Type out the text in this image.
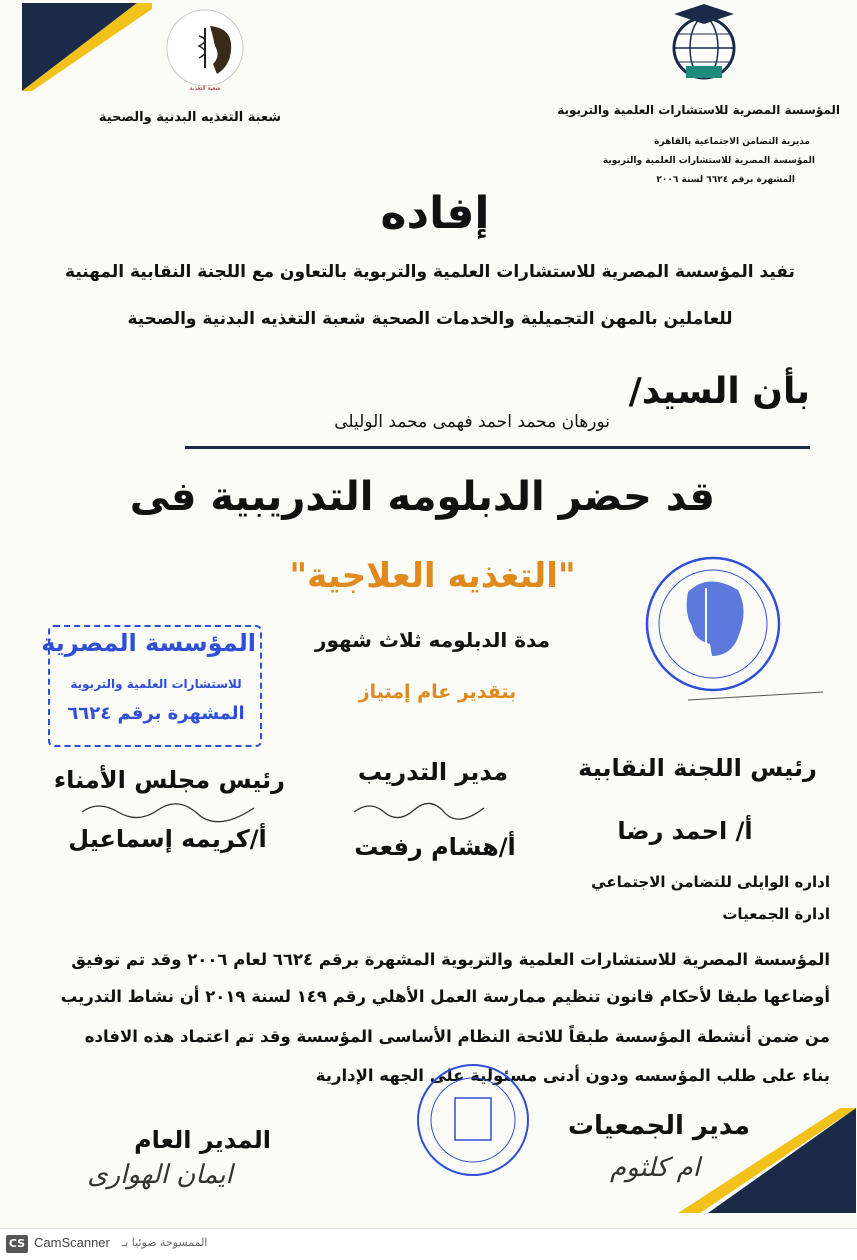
شعبة التغذية
شعبة التغذيه البدنية والصحية	المؤسسة المصرية للاستشارات العلمية والتربوية
مديرية التضامن الاجتماعية بالقاهرة
المؤسسة المصرية للاستشارات العلمية والتربوية
المشهرة برقم ٦٦٢٤ لسنة ٢٠٠٦
إفاده
تفيد المؤسسة المصرية للاستشارات العلمية والتربوية بالتعاون مع اللجنة النقابية المهنية
للعاملين بالمهن التجميلية والخدمات الصحية شعبة التغذيه البدنية والصحية
بأن السيد/
نورهان محمد احمد فهمى محمد الوليلى
قد حضر الدبلومه التدريبية فى
"التغذيه العلاجية"
مدة الدبلومه ثلاث شهور
بتقدير عام إمتياز
المؤسسة المصرية
للاستشارات العلمية والتربوية
المشهرة برقم ٦٦٢٤
رئيس اللجنة النقابية
مدير التدريب
رئيس مجلس الأمناء
أ/ احمد رضا
أ/هشام رفعت
أ/كريمه إسماعيل
اداره الوايلى للتضامن الاجتماعي
ادارة الجمعيات
المؤسسة المصرية للاستشارات العلمية والتربوية المشهرة برقم ٦٦٢٤ لعام ٢٠٠٦ وقد تم توفيق
أوضاعها طبقا لأحكام قانون تنظيم ممارسة العمل الأهلي رقم ١٤٩ لسنة ٢٠١٩ أن نشاط التدريب
من ضمن أنشطة المؤسسة طبقاً للائحة النظام الأساسى المؤسسة وقد تم اعتماد هذه الافاده
بناء على طلب المؤسسه ودون أدنى مسئولية على الجهه الإدارية
مدير الجمعيات
المدير العام
ايمان الهوارى	ام كلثوم
CS CamScanner	الممسوحة ضوئيا بـ
